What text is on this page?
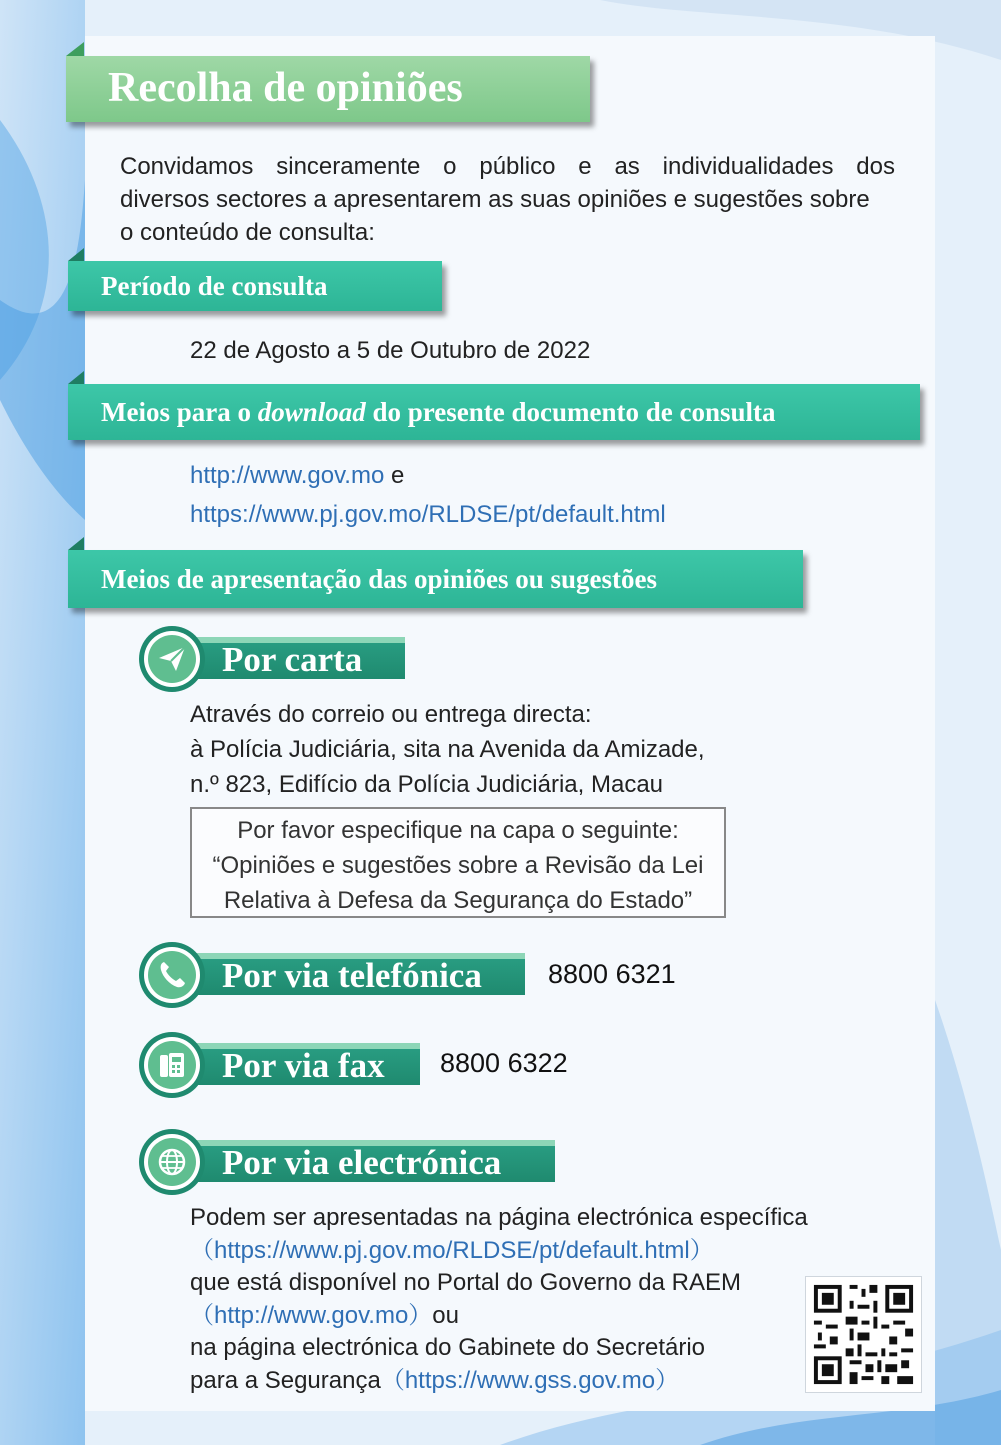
Recolha de opiniões
Convidamos sinceramente o público e as individualidades dos
diversos sectores a apresentarem as suas opiniões e sugestões sobre
o conteúdo de consulta:
Período de consulta
22 de Agosto a 5 de Outubro de 2022
Meios para o download do presente documento de consulta
http://www.gov.mo e
https://www.pj.gov.mo/RLDSE/pt/default.html
Meios de apresentação das opiniões ou sugestões
Por carta
Através do correio ou entrega directa:
à Polícia Judiciária, sita na Avenida da Amizade,
n.º 823, Edifício da Polícia Judiciária, Macau
Por favor especifique na capa o seguinte:
“Opiniões e sugestões sobre a Revisão da Lei
Relativa à Defesa da Segurança do Estado”
Por via telefónica 8800 6321
Por via fax 8800 6322
Por via electrónica
Podem ser apresentadas na página electrónica específica
（https://www.pj.gov.mo/RLDSE/pt/default.html）
que está disponível no Portal do Governo da RAEM
（http://www.gov.mo）ou
na página electrónica do Gabinete do Secretário
para a Segurança（https://www.gss.gov.mo）
